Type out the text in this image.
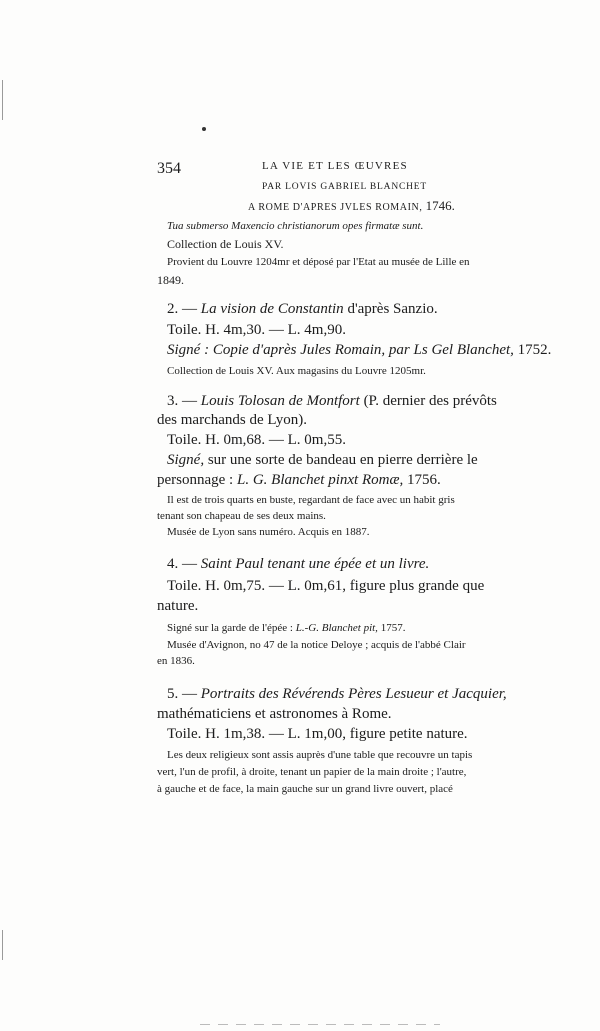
354	LA VIE ET LES ŒUVRES
PAR LOVIS GABRIEL BLANCHET
A ROME D'APRES JVLES ROMAIN, 1746.
Tua submerso Maxencio christianorum opes firmatæ sunt.
Collection de Louis XV.
Provient du Louvre 1204mr et déposé par l'Etat au musée de Lille en
1849.
2. — La vision de Constantin d'après Sanzio.
Toile. H. 4m,30. — L. 4m,90.
Signé : Copie d'après Jules Romain, par Ls Gel Blanchet, 1752.
Collection de Louis XV. Aux magasins du Louvre 1205mr.
3. — Louis Tolosan de Montfort (P. dernier des prévôts
des marchands de Lyon).
Toile. H. 0m,68. — L. 0m,55.
Signé, sur une sorte de bandeau en pierre derrière le
personnage : L. G. Blanchet pinxt Romæ, 1756.
Il est de trois quarts en buste, regardant de face avec un habit gris
tenant son chapeau de ses deux mains.
Musée de Lyon sans numéro. Acquis en 1887.
4. — Saint Paul tenant une épée et un livre.
Toile. H. 0m,75. — L. 0m,61, figure plus grande que
nature.
Signé sur la garde de l'épée : L.-G. Blanchet pit, 1757.
Musée d'Avignon, no 47 de la notice Deloye ; acquis de l'abbé Clair
en 1836.
5. — Portraits des Révérends Pères Lesueur et Jacquier,
mathématiciens et astronomes à Rome.
Toile. H. 1m,38. — L. 1m,00, figure petite nature.
Les deux religieux sont assis auprès d'une table que recouvre un tapis
vert, l'un de profil, à droite, tenant un papier de la main droite ; l'autre,
à gauche et de face, la main gauche sur un grand livre ouvert, placé
